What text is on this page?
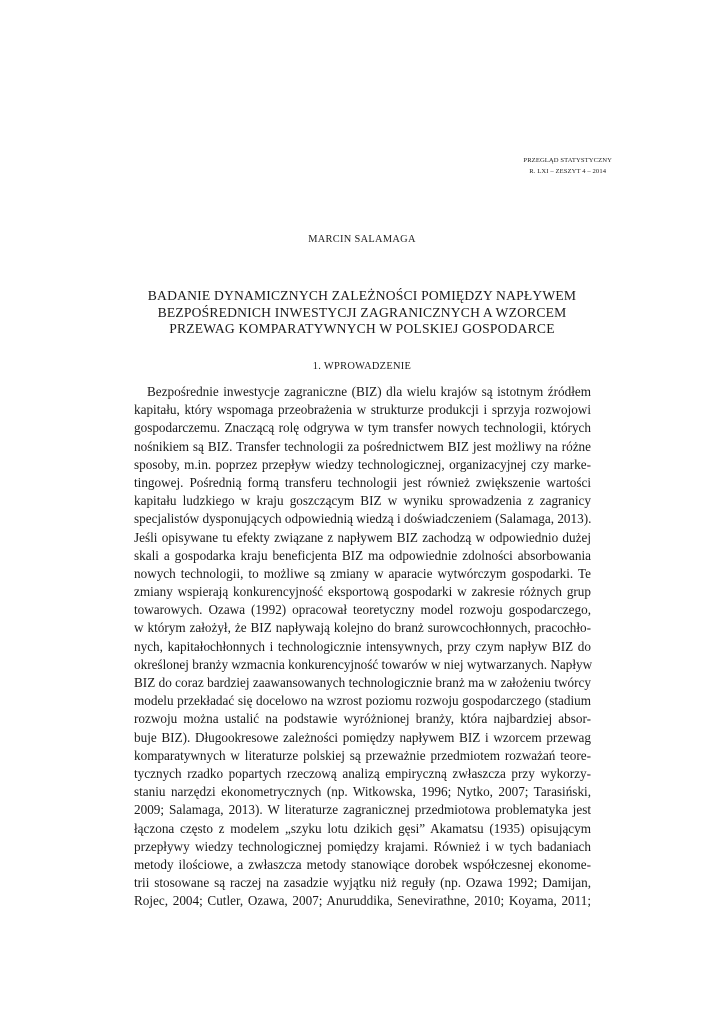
PRZEGLĄD STATYSTYCZNY
R. LXI – ZESZYT 4 – 2014
MARCIN SALAMAGA
BADANIE DYNAMICZNYCH ZALEŻNOŚCI POMIĘDZY NAPŁYWEM
BEZPOŚREDNICH INWESTYCJI ZAGRANICZNYCH A WZORCEM
PRZEWAG KOMPARATYWNYCH W POLSKIEJ GOSPODARCE
1. WPROWADZENIE
Bezpośrednie inwestycje zagraniczne (BIZ) dla wielu krajów są istotnym źródłem
kapitału, który wspomaga przeobrażenia w strukturze produkcji i sprzyja rozwojowi
gospodarczemu. Znaczącą rolę odgrywa w tym transfer nowych technologii, których
nośnikiem są BIZ. Transfer technologii za pośrednictwem BIZ jest możliwy na różne
sposoby, m.in. poprzez przepływ wiedzy technologicznej, organizacyjnej czy marke-
tingowej. Pośrednią formą transferu technologii jest również zwiększenie wartości
kapitału ludzkiego w kraju goszczącym BIZ w wyniku sprowadzenia z zagranicy
specjalistów dysponujących odpowiednią wiedzą i doświadczeniem (Salamaga, 2013).
Jeśli opisywane tu efekty związane z napływem BIZ zachodzą w odpowiednio dużej
skali a gospodarka kraju beneficjenta BIZ ma odpowiednie zdolności absorbowania
nowych technologii, to możliwe są zmiany w aparacie wytwórczym gospodarki. Te
zmiany wspierają konkurencyjność eksportową gospodarki w zakresie różnych grup
towarowych. Ozawa (1992) opracował teoretyczny model rozwoju gospodarczego,
w którym założył, że BIZ napływają kolejno do branż surowcochłonnych, pracochło-
nych, kapitałochłonnych i technologicznie intensywnych, przy czym napływ BIZ do
określonej branży wzmacnia konkurencyjność towarów w niej wytwarzanych. Napływ
BIZ do coraz bardziej zaawansowanych technologicznie branż ma w założeniu twórcy
modelu przekładać się docelowo na wzrost poziomu rozwoju gospodarczego (stadium
rozwoju można ustalić na podstawie wyróżnionej branży, która najbardziej absor-
buje BIZ). Długookresowe zależności pomiędzy napływem BIZ i wzorcem przewag
komparatywnych w literaturze polskiej są przeważnie przedmiotem rozważań teore-
tycznych rzadko popartych rzeczową analizą empiryczną zwłaszcza przy wykorzy-
staniu narzędzi ekonometrycznych (np. Witkowska, 1996; Nytko, 2007; Tarasiński,
2009; Salamaga, 2013). W literaturze zagranicznej przedmiotowa problematyka jest
łączona często z modelem „szyku lotu dzikich gęsi” Akamatsu (1935) opisującym
przepływy wiedzy technologicznej pomiędzy krajami. Również i w tych badaniach
metody ilościowe, a zwłaszcza metody stanowiące dorobek współczesnej ekonome-
trii stosowane są raczej na zasadzie wyjątku niż reguły (np. Ozawa 1992; Damijan,
Rojec, 2004; Cutler, Ozawa, 2007; Anuruddika, Senevirathne, 2010; Koyama, 2011;
